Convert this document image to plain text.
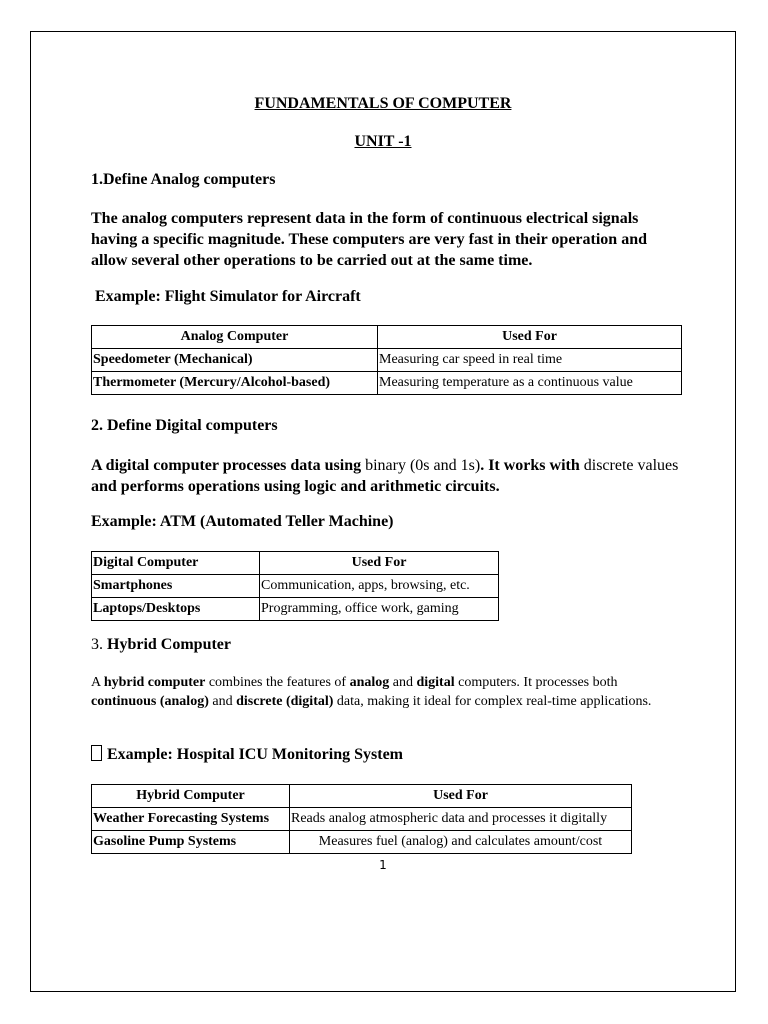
FUNDAMENTALS OF COMPUTER
UNIT -1
1.Define Analog computers
The analog computers represent data in the form of continuous electrical signals having a specific magnitude. These computers are very fast in their operation and allow several other operations to be carried out at the same time.
Example: Flight Simulator for Aircraft
Analog Computer	Used For
Speedometer (Mechanical)	Measuring car speed in real time
Thermometer (Mercury/Alcohol-based)	Measuring temperature as a continuous value
2. Define Digital computers
A digital computer processes data using binary (0s and 1s). It works with discrete values and performs operations using logic and arithmetic circuits.
Example: ATM (Automated Teller Machine)
Digital Computer	Used For
Smartphones	Communication, apps, browsing, etc.
Laptops/Desktops	Programming, office work, gaming
3. Hybrid Computer
A hybrid computer combines the features of analog and digital computers. It processes both continuous (analog) and discrete (digital) data, making it ideal for complex real-time applications.
Example: Hospital ICU Monitoring System
Hybrid Computer	Used For
Weather Forecasting Systems	Reads analog atmospheric data and processes it digitally
Gasoline Pump Systems	Measures fuel (analog) and calculates amount/cost
1
